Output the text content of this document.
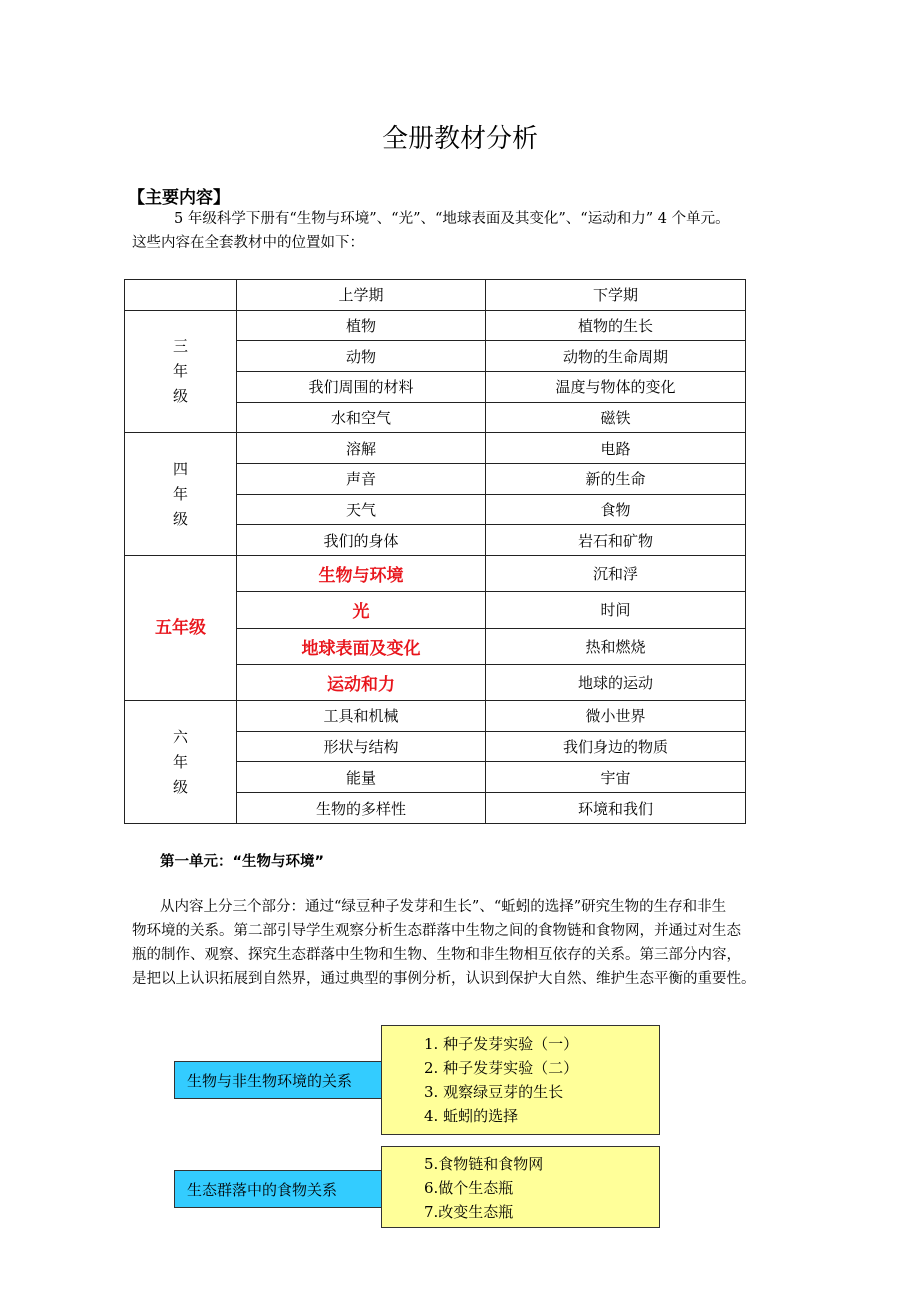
全册教材分析
【主要内容】
5 年级科学下册有“生物与环境”、“光”、“地球表面及其变化”、“运动和力” 4 个单元。
这些内容在全套教材中的位置如下：
	上学期	下学期

三
年
级	植物	植物的生长
	动物	动物的生命周期
	我们周围的材料	温度与物体的变化
	水和空气	磁铁

四
年
级	溶解	电路
	声音	新的生命
	天气	食物
	我们的身体	岩石和矿物
五年级	生物与环境	沉和浮
	光	时间
	地球表面及变化	热和燃烧
	运动和力	地球的运动

六
年
级	工具和机械	微小世界
	形状与结构	我们身边的物质
	能量	宇宙
	生物的多样性	环境和我们
第一单元：“生物与环境”
从内容上分三个部分：通过“绿豆种子发芽和生长”、“蚯蚓的选择”研究生物的生存和非生
物环境的关系。第二部引导学生观察分析生态群落中生物之间的食物链和食物网，并通过对生态
瓶的制作、观察、探究生态群落中生物和生物、生物和非生物相互依存的关系。第三部分内容，
是把以上认识拓展到自然界，通过典型的事例分析，认识到保护大自然、维护生态平衡的重要性。
生物与非生物环境的关系
1. 种子发芽实验（一）
2. 种子发芽实验（二）
3. 观察绿豆芽的生长
4. 蚯蚓的选择
生态群落中的食物关系
5.食物链和食物网
6.做个生态瓶
7.改变生态瓶
